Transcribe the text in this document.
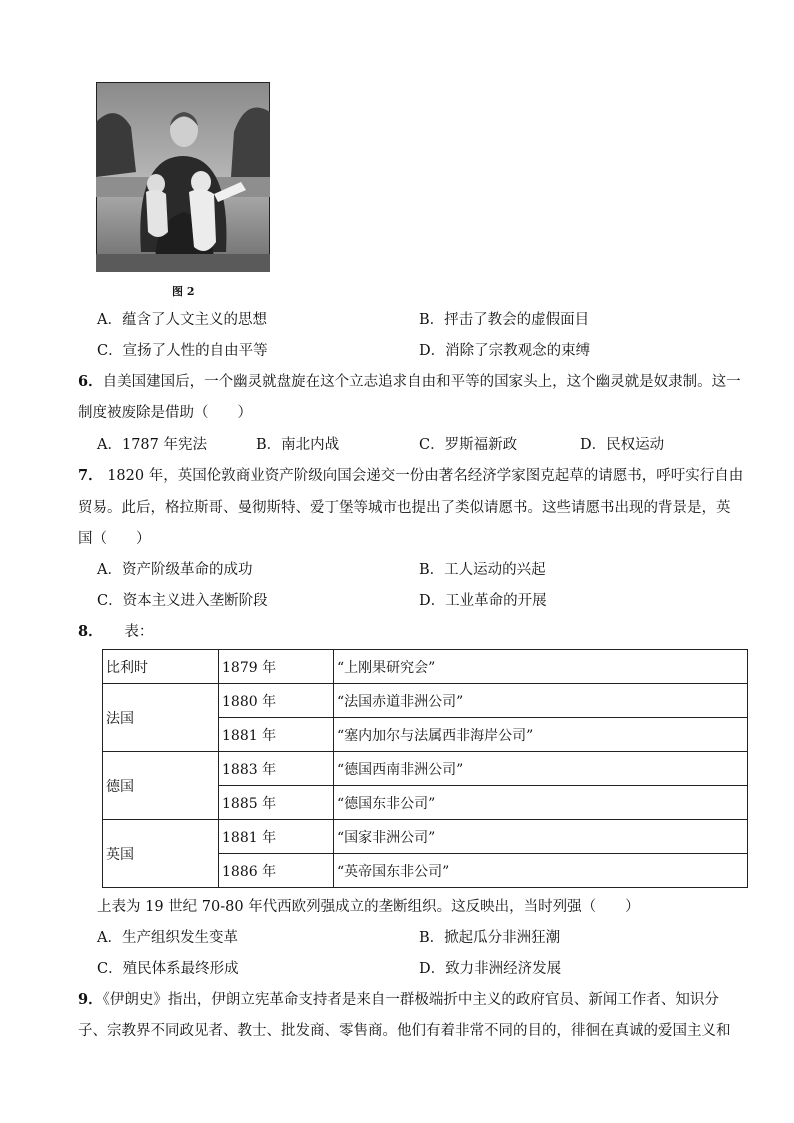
图 2
A．蕴含了人文主义的思想	B．抨击了教会的虚假面目
C．宣扬了人性的自由平等	D．消除了宗教观念的束缚
6．自美国建国后，一个幽灵就盘旋在这个立志追求自由和平等的国家头上，这个幽灵就是奴隶制。这一
制度被废除是借助（　　）
A．1787 年宪法	B．南北内战	C．罗斯福新政	D．民权运动
7． 1820 年，英国伦敦商业资产阶级向国会递交一份由著名经济学家图克起草的请愿书，呼吁实行自由
贸易。此后，格拉斯哥、曼彻斯特、爱丁堡等城市也提出了类似请愿书。这些请愿书出现的背景是，英
国（　　）
A．资产阶级革命的成功	B．工人运动的兴起
C．资本主义进入垄断阶段	D．工业革命的开展
8．　　表：
比利时	1879 年	“上刚果研究会”
法国	1880 年	“法国赤道非洲公司”
	1881 年	“塞内加尔与法属西非海岸公司”
德国	1883 年	“德国西南非洲公司”
	1885 年	“德国东非公司”
英国	1881 年	“国家非洲公司”
	1886 年	“英帝国东非公司”
上表为 19 世纪 70-80 年代西欧列强成立的垄断组织。这反映出，当时列强（　　）
A．生产组织发生变革	B．掀起瓜分非洲狂潮
C．殖民体系最终形成	D．致力非洲经济发展
9．《伊朗史》指出，伊朗立宪革命支持者是来自一群极端折中主义的政府官员、新闻工作者、知识分
子、宗教界不同政见者、教士、批发商、零售商。他们有着非常不同的目的，徘徊在真诚的爱国主义和
